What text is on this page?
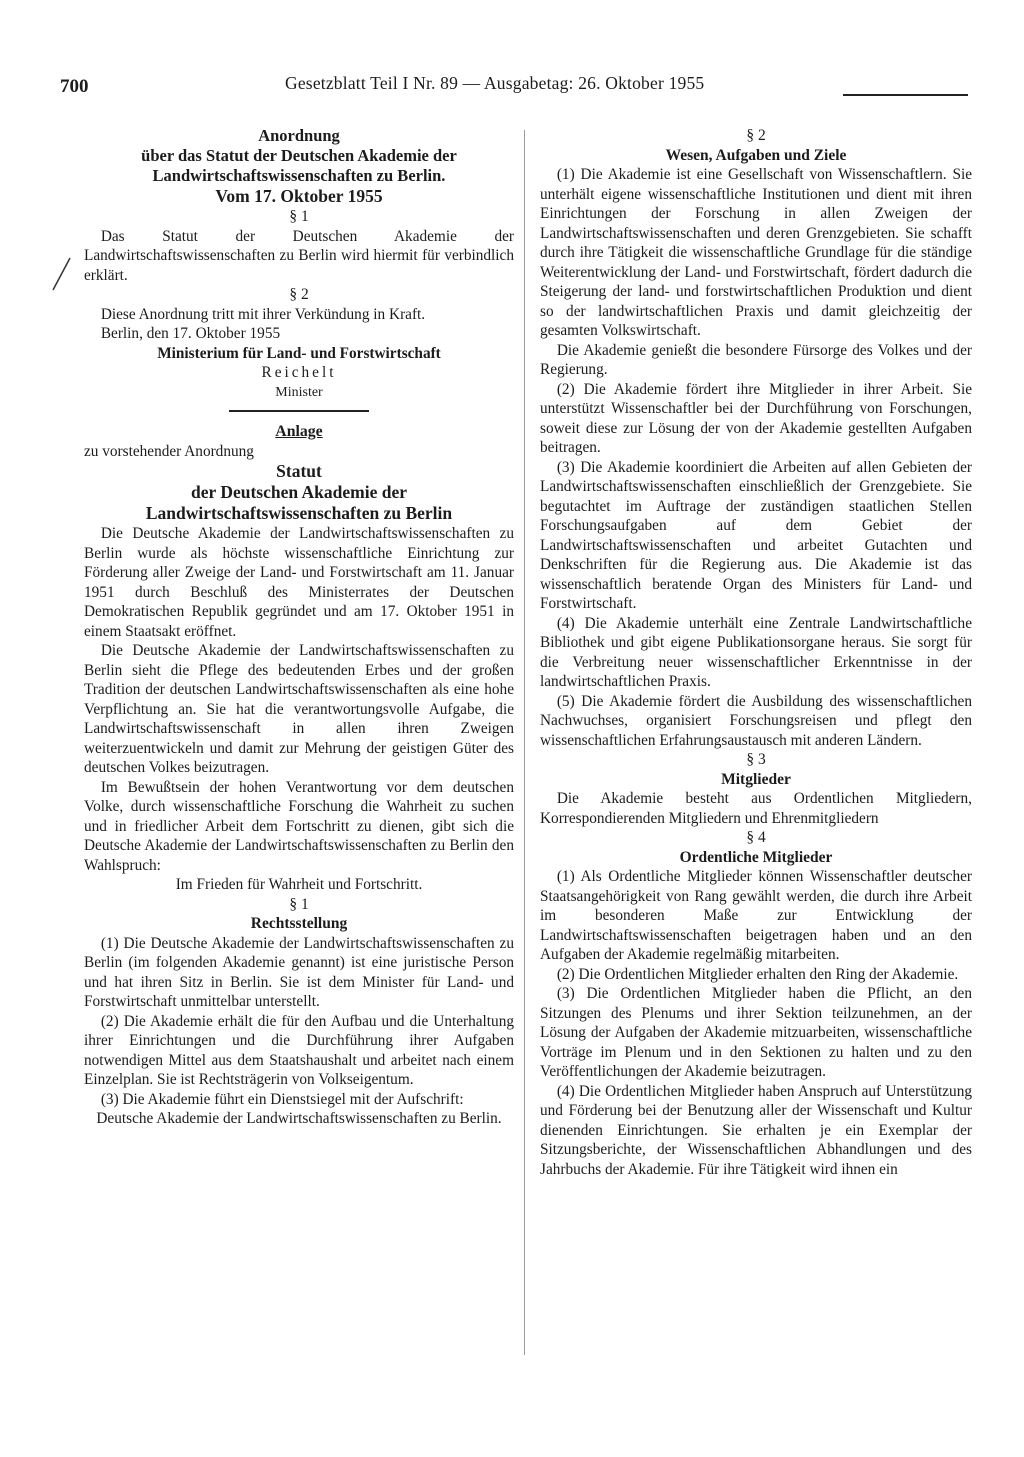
700	Gesetzblatt Teil I Nr. 89 — Ausgabetag: 26. Oktober 1955

Anordnung

über das Statut der Deutschen Akademie der Landwirtschaftswissenschaften zu Berlin.

Vom 17. Oktober 1955

§ 1

Das Statut der Deutschen Akademie der Landwirtschaftswissenschaften zu Berlin wird hiermit für verbindlich erklärt.

§ 2

Diese Anordnung tritt mit ihrer Verkündung in Kraft.

Berlin, den 17. Oktober 1955

Ministerium für Land- und Forstwirtschaft

Reichelt

Minister

Anlage

zu vorstehender Anordnung

Statut

der Deutschen Akademie der Landwirtschaftswissenschaften zu Berlin

Die Deutsche Akademie der Landwirtschaftswissenschaften zu Berlin wurde als höchste wissenschaftliche Einrichtung zur Förderung aller Zweige der Land- und Forstwirtschaft am 11. Januar 1951 durch Beschluß des Ministerrates der Deutschen Demokratischen Republik gegründet und am 17. Oktober 1951 in einem Staatsakt eröffnet.

Die Deutsche Akademie der Landwirtschaftswissenschaften zu Berlin sieht die Pflege des bedeutenden Erbes und der großen Tradition der deutschen Landwirtschaftswissenschaften als eine hohe Verpflichtung an. Sie hat die verantwortungsvolle Aufgabe, die Landwirtschaftswissenschaft in allen ihren Zweigen weiterzuentwickeln und damit zur Mehrung der geistigen Güter des deutschen Volkes beizutragen.

Im Bewußtsein der hohen Verantwortung vor dem deutschen Volke, durch wissenschaftliche Forschung die Wahrheit zu suchen und in friedlicher Arbeit dem Fortschritt zu dienen, gibt sich die Deutsche Akademie der Landwirtschaftswissenschaften zu Berlin den Wahlspruch:

Im Frieden für Wahrheit und Fortschritt.

§ 1

Rechtsstellung

(1) Die Deutsche Akademie der Landwirtschaftswissenschaften zu Berlin (im folgenden Akademie genannt) ist eine juristische Person und hat ihren Sitz in Berlin. Sie ist dem Minister für Land- und Forstwirtschaft unmittelbar unterstellt.

(2) Die Akademie erhält die für den Aufbau und die Unterhaltung ihrer Einrichtungen und die Durchführung ihrer Aufgaben notwendigen Mittel aus dem Staatshaushalt und arbeitet nach einem Einzelplan. Sie ist Rechtsträgerin von Volkseigentum.

(3) Die Akademie führt ein Dienstsiegel mit der Aufschrift:

Deutsche Akademie der Landwirtschaftswissenschaften zu Berlin.

§ 2

Wesen, Aufgaben und Ziele

(1) Die Akademie ist eine Gesellschaft von Wissenschaftlern. Sie unterhält eigene wissenschaftliche Institutionen und dient mit ihren Einrichtungen der Forschung in allen Zweigen der Landwirtschaftswissenschaften und deren Grenzgebieten. Sie schafft durch ihre Tätigkeit die wissenschaftliche Grundlage für die ständige Weiterentwicklung der Land- und Forstwirtschaft, fördert dadurch die Steigerung der land- und forstwirtschaftlichen Produktion und dient so der landwirtschaftlichen Praxis und damit gleichzeitig der gesamten Volkswirtschaft.

Die Akademie genießt die besondere Fürsorge des Volkes und der Regierung.

(2) Die Akademie fördert ihre Mitglieder in ihrer Arbeit. Sie unterstützt Wissenschaftler bei der Durchführung von Forschungen, soweit diese zur Lösung der von der Akademie gestellten Aufgaben beitragen.

(3) Die Akademie koordiniert die Arbeiten auf allen Gebieten der Landwirtschaftswissenschaften einschließlich der Grenzgebiete. Sie begutachtet im Auftrage der zuständigen staatlichen Stellen Forschungsaufgaben auf dem Gebiet der Landwirtschaftswissenschaften und arbeitet Gutachten und Denkschriften für die Regierung aus. Die Akademie ist das wissenschaftlich beratende Organ des Ministers für Land- und Forstwirtschaft.

(4) Die Akademie unterhält eine Zentrale Landwirtschaftliche Bibliothek und gibt eigene Publikationsorgane heraus. Sie sorgt für die Verbreitung neuer wissenschaftlicher Erkenntnisse in der landwirtschaftlichen Praxis.

(5) Die Akademie fördert die Ausbildung des wissenschaftlichen Nachwuchses, organisiert Forschungsreisen und pflegt den wissenschaftlichen Erfahrungsaustausch mit anderen Ländern.

§ 3

Mitglieder

Die Akademie besteht aus Ordentlichen Mitgliedern, Korrespondierenden Mitgliedern und Ehrenmitgliedern

§ 4

Ordentliche Mitglieder

(1) Als Ordentliche Mitglieder können Wissenschaftler deutscher Staatsangehörigkeit von Rang gewählt werden, die durch ihre Arbeit im besonderen Maße zur Entwicklung der Landwirtschaftswissenschaften beigetragen haben und an den Aufgaben der Akademie regelmäßig mitarbeiten.

(2) Die Ordentlichen Mitglieder erhalten den Ring der Akademie.

(3) Die Ordentlichen Mitglieder haben die Pflicht, an den Sitzungen des Plenums und ihrer Sektion teilzunehmen, an der Lösung der Aufgaben der Akademie mitzuarbeiten, wissenschaftliche Vorträge im Plenum und in den Sektionen zu halten und zu den Veröffentlichungen der Akademie beizutragen.

(4) Die Ordentlichen Mitglieder haben Anspruch auf Unterstützung und Förderung bei der Benutzung aller der Wissenschaft und Kultur dienenden Einrichtungen. Sie erhalten je ein Exemplar der Sitzungsberichte, der Wissenschaftlichen Abhandlungen und des Jahrbuchs der Akademie. Für ihre Tätigkeit wird ihnen ein
